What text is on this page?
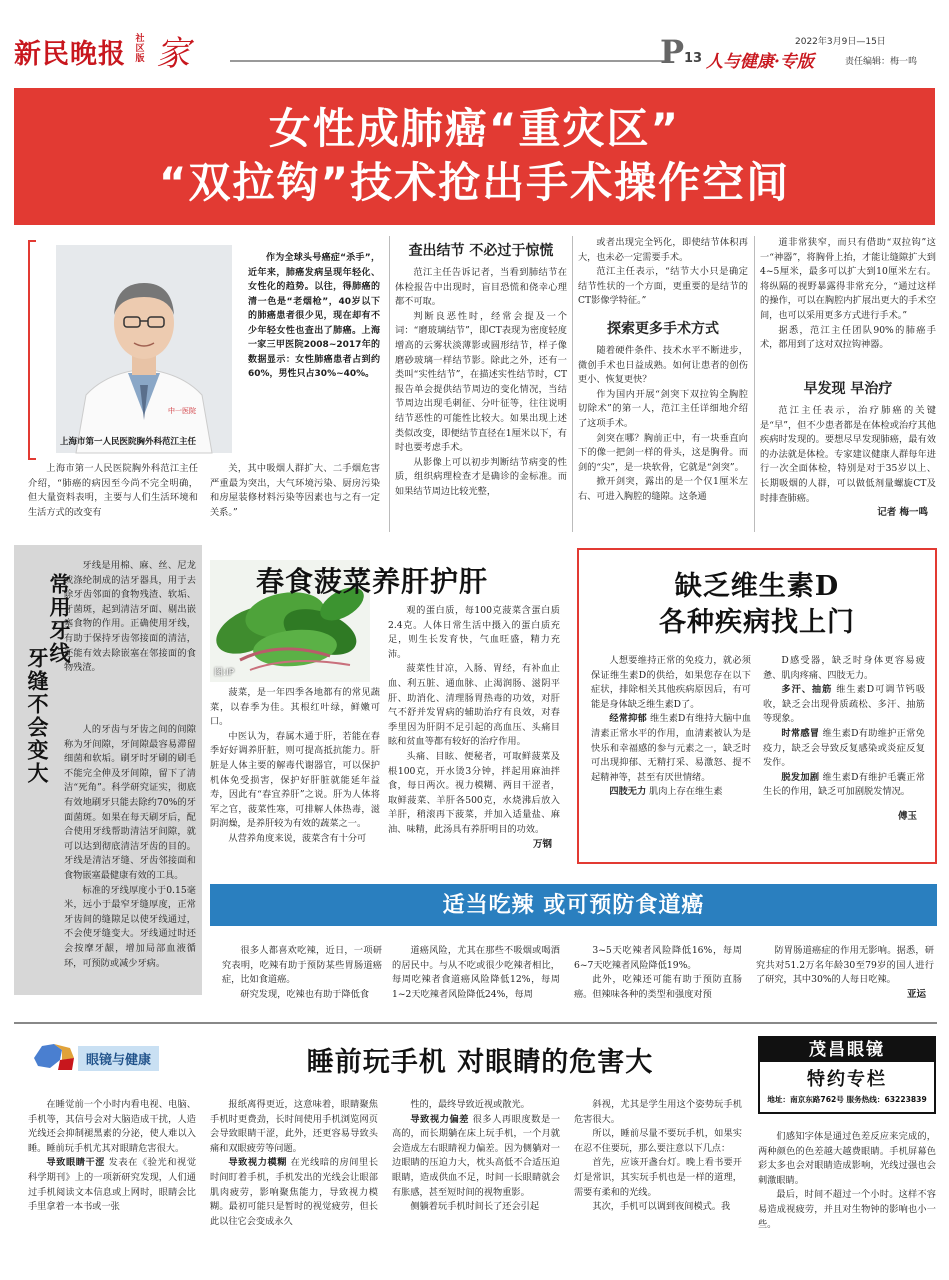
新民晚报 社区版 家	P 13 人与健康·专版
2022年3月9日—15日
责任编辑：梅一鸣
女性成肺癌“重灾区”
“双拉钩”技术抢出手术操作空间
中一医院
上海市第一人民医院胸外科范江主任
作为全球头号癌症“杀手”，近年来，肺癌发病呈现年轻化、女性化的趋势。以往，得肺癌的清一色是“老烟枪”，40岁以下的肺癌患者很少见，现在却有不少年轻女性也查出了肺癌。上海一家三甲医院2008~2017年的数据显示：女性肺癌患者占到约60%，男性只占30%~40%。

上海市第一人民医院胸外科范江主任介绍，“肺癌的病因至今尚不完全明确，但大量资料表明，主要与人们生活环境和生活方式的改变有

关，其中吸烟人群扩大、二手烟危害严重最为突出，大气环境污染、厨房污染和房屋装修材料污染等因素也与之有一定关系。”

查出结节 不必过于惊慌

范江主任告诉记者，当看到肺结节在体检报告中出现时，盲目恐慌和侥幸心理都不可取。

判断良恶性时，经常会提及一个词：“磨玻璃结节”，即CT表现为密度轻度增高的云雾状淡薄影或圆形结节，样子像磨砂玻璃一样结节影。除此之外，还有一类叫“实性结节”，在描述实性结节时，CT报告单会提供结节周边的变化情况，当结节周边出现毛刺征、分叶征等，往往说明结节恶性的可能性比较大。如果出现上述类似改变，即便结节直径在1厘米以下，有时也要考虑手术。

从影像上可以初步判断结节病变的性质，组织病理检查才是确诊的金标准。而如果结节周边比较光整，

或者出现完全钙化，即使结节体积再大，也未必一定需要手术。

范江主任表示，“结节大小只是确定结节性状的一个方面，更重要的是结节的CT影像学特征。”

探索更多手术方式

随着硬件条件、技术水平不断进步，微创手术也日益成熟。如何让患者的创伤更小、恢复更快？

作为国内开展“剑突下双拉钩全胸腔切除术”的第一人，范江主任详细地介绍了这项手术。

剑突在哪？胸前正中，有一块垂直向下的像一把剑一样的骨头，这是胸骨。而剑的“尖”，是一块软骨，它就是“剑突”。

掀开剑突，露出的是一个仅1厘米左右、可进入胸腔的缝隙。这条通

道非常狭窄，而只有借助“双拉钩”这一“神器”，将胸骨上抬，才能让缝隙扩大到4~5厘米，最多可以扩大到10厘米左右。将纵隔的视野暴露得非常充分，“通过这样的操作，可以在胸腔内扩展出更大的手术空间，也可以采用更多方式进行手术。”

据悉，范江主任团队90%的肺癌手术，都用到了这对双拉钩神器。

早发现 早治疗

范江主任表示，治疗肺癌的关键是“早”，但不少患者都是在体检或治疗其他疾病时发现的。要想尽早发现肺癌，最有效的办法就是体检。专家建议健康人群每年进行一次全面体检，特别是对于35岁以上、长期吸烟的人群，可以做低剂量螺旋CT及时排查肺癌。

记者 梅一鸣
常用牙线
牙缝不会变大

牙线是用棉、麻、丝、尼龙或涤纶制成的洁牙器具，用于去除牙齿邻面的食物残渣、软垢、牙菌斑，起到清洁牙面、剔出嵌塞食物的作用。正确使用牙线，有助于保持牙齿邻接面的清洁，还能有效去除嵌塞在邻接面的食物残渣。

人的牙齿与牙齿之间的间隙称为牙间隙，牙间隙最容易滞留细菌和软垢。刷牙时牙刷的刷毛不能完全伸及牙间隙，留下了清洁“死角”。科学研究证实，彻底有效地刷牙只能去除约70%的牙面菌斑。如果在每天刷牙后，配合使用牙线帮助清洁牙间隙，就可以达到彻底清洁牙齿的目的。牙线是清洁牙缝、牙齿邻接面和食物嵌塞最健康有效的工具。

标准的牙线厚度小于0.15毫米，远小于最窄牙缝厚度，正常牙齿间的缝隙足以使牙线通过，不会使牙缝变大。牙线通过时还会按摩牙龈，增加局部血液循环，可预防或减少牙病。

图:IP
春食菠菜养肝护肝

菠菜，是一年四季各地都有的常见蔬菜，以春季为佳。其根红叶绿，鲜嫩可口。

中医认为，春属木通于肝，若能在春季好好调养肝脏，则可提高抵抗能力。肝脏是人体主要的解毒代谢器官，可以保护机体免受损害，保护好肝脏就能延年益寿，因此有“春宜养肝”之说。肝为人体将军之官，菠菜性寒，可排解人体热毒，滋阴润燥，是养肝较为有效的蔬菜之一。

从营养角度来说，菠菜含有十分可

观的蛋白质，每100克菠菜含蛋白质2.4克。人体日常生活中摄入的蛋白质充足，则生长发育快，气血旺盛，精力充沛。

菠菜性甘凉，入肠、胃经，有补血止血、利五脏、通血脉、止渴润肠、滋阴平肝、助消化、清理肠胃热毒的功效，对肝气不舒并发胃病的辅助治疗有良效，对春季里因为肝阴不足引起的高血压、头痛目眩和贫血等都有较好的治疗作用。

头痛、目眩、便秘者，可取鲜菠菜及根100克，开水烫3分钟，拌起用麻油拌食，每日两次。视力模糊、两目干涩者，取鲜菠菜、羊肝各500克，水烧沸后放入羊肝，稍滚再下菠菜，并加入适量盐、麻油、味精，此汤具有养肝明目的功效。

万钢
缺乏维生素D
各种疾病找上门

人想要维持正常的免疫力，就必须保证维生素D的供给，如果您存在以下症状，排除相关其他疾病原因后，有可能是身体缺乏维生素D了。

经常抑郁 维生素D有维持大脑中血清素正常水平的作用，血清素被认为是快乐和幸福感的参与元素之一，缺乏时可出现抑郁、无精打采、易激怒、提不起精神等，甚至有厌世情绪。

四肢无力 肌肉上存在维生素

D感受器，缺乏时身体更容易疲惫、肌肉疼痛、四肢无力。

多汗、抽筋 维生素D可调节钙吸收，缺乏会出现骨质疏松、多汗、抽筋等现象。

时常感冒 维生素D有助维护正常免疫力，缺乏会导致反复感染或炎症反复发作。

脱发加剧 维生素D有维护毛囊正常生长的作用，缺乏可加剧脱发情况。

傅玉
适当吃辣 或可预防食道癌

很多人都喜欢吃辣，近日，一项研究表明，吃辣有助于预防某些胃肠道癌症，比如食道癌。

研究发现，吃辣也有助于降低食

道癌风险，尤其在那些不吸烟或喝酒的居民中。与从不吃或很少吃辣者相比，每周吃辣者食道癌风险降低12%，每周1~2天吃辣者风险降低24%，每周

3~5天吃辣者风险降低16%，每周6~7天吃辣者风险降低19%。

此外，吃辣还可能有助于预防直肠癌。但辣味各种的类型和强度对预

防胃肠道癌症的作用无影响。据悉，研究共对51.2万名年龄30至79岁的国人进行了研究，其中30%的人每日吃辣。

亚运
眼镜与健康	睡前玩手机 对眼睛的危害大	茂昌眼镜
特约专栏
地址：南京东路762号 服务热线：63223839

在睡觉前一个小时内看电视、电脑、手机等，其信号会对大脑造成干扰，人造光线还会抑制褪黑素的分泌，使人难以入睡。睡前玩手机尤其对眼睛危害很大。

导致眼睛干涩 发表在《验光和视觉科学期刊》上的一项新研究发现，人们通过手机阅读文本信息或上网时，眼睛会比手里拿着一本书或一张

报纸离得更近，这意味着，眼睛聚焦手机时更费劲，长时间使用手机浏览网页会导致眼睛干涩，此外，还更容易导致头痛和双眼疲劳等问题。

导致视力模糊 在光线暗的房间里长时间盯着手机，手机发出的光线会让眼部肌肉疲劳，影响聚焦能力，导致视力模糊。最初可能只是暂时的视觉疲劳，但长此以往它会变成永久

性的，最终导致近视或散光。

导致视力偏差 很多人再眼度数是一高的，而长期躺在床上玩手机，一个月就会造成左右眼睛视力偏差。因为侧躺对一边眼睛的压迫力大，枕头高低不合适压迫眼睛，造成供血不足，时间一长眼睛就会有胀感，甚至短时间的视物重影。

侧躺着玩手机时间长了还会引起

斜视，尤其是学生用这个姿势玩手机危害很大。

所以，睡前尽量不要玩手机，如果实在忍不住要玩，那么要注意以下几点：

首先，应该开盏台灯。晚上看书要开灯是常识，其实玩手机也是一样的道理，需要有柔和的光线。

其次，手机可以调到夜间模式。我

们感知字体是通过色差反应来完成的，两种颜色的色差越大越费眼睛。手机屏幕色彩太多也会对眼睛造成影响，光线过强也会刺激眼睛。

最后，时间不超过一个小时。这样不容易造成视疲劳，并且对生物钟的影响也小一些。
